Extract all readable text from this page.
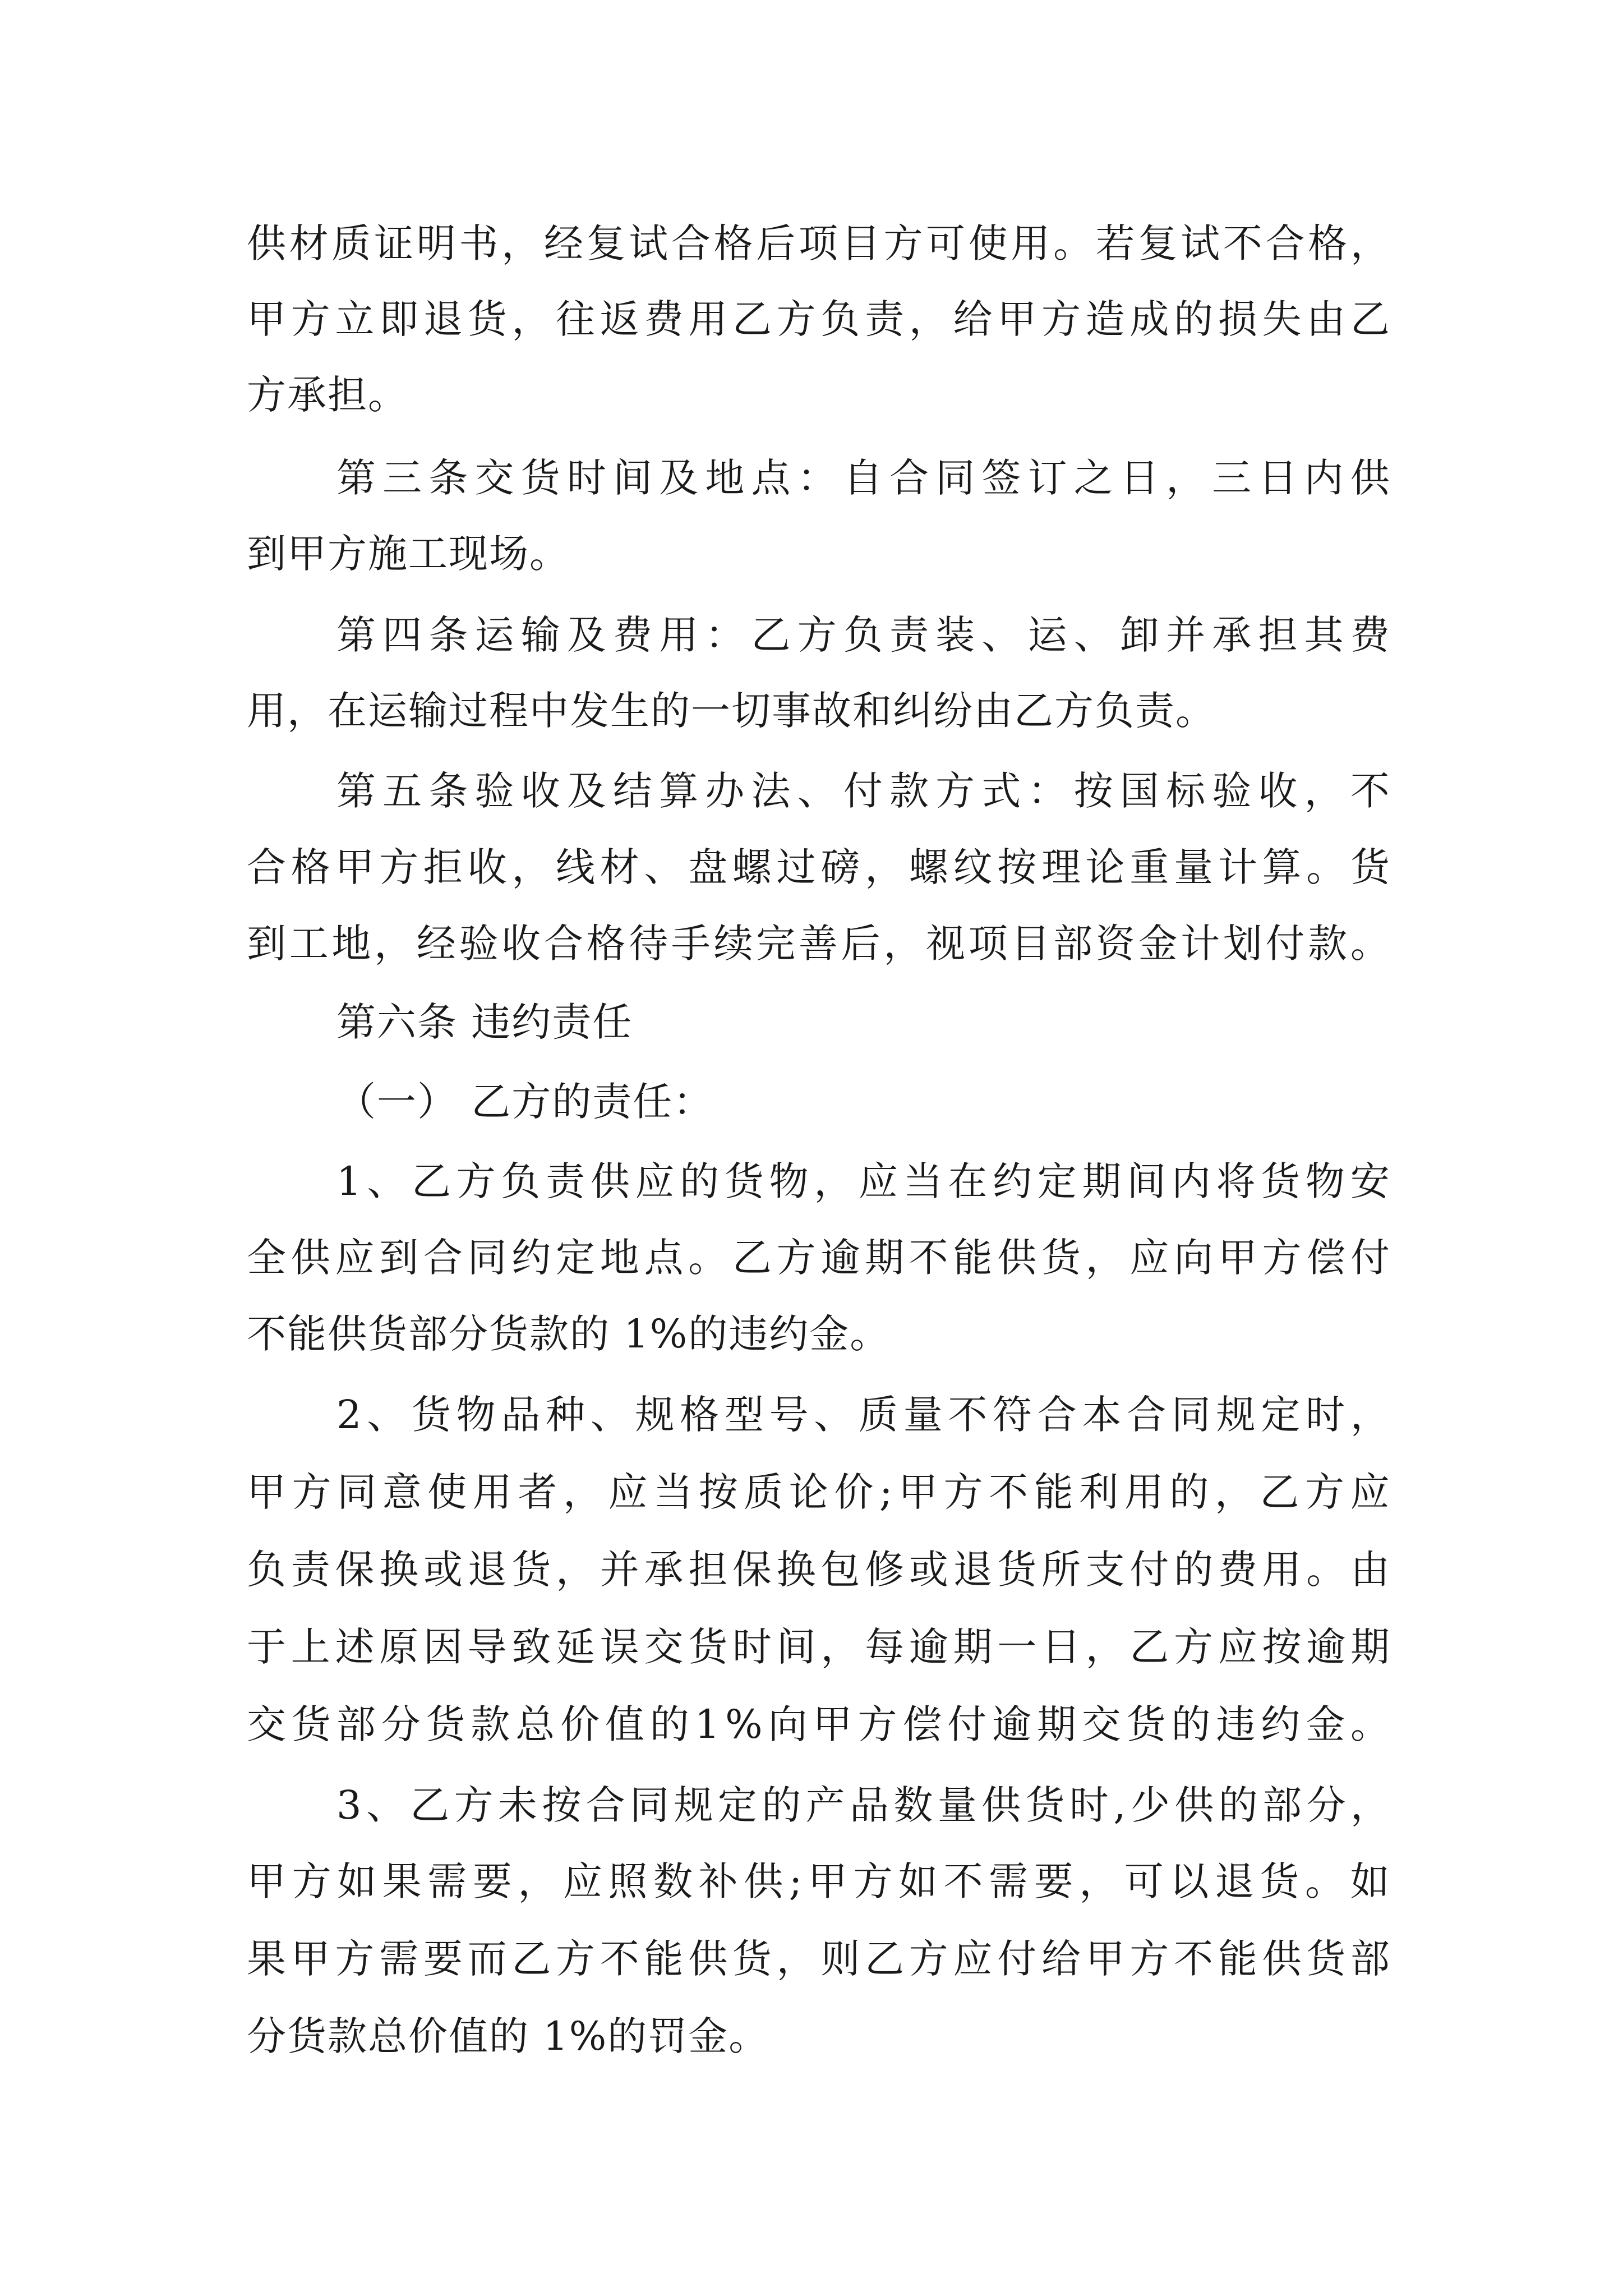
供 材 质 证 明 书 ， 经 复 试 合 格 后 项 目 方 可 使 用 。 若 复 试 不 合 格 ，
甲 方 立 即 退 货 ， 往 返 费 用 乙 方 负 责 ， 给 甲 方 造 成 的 损 失 由 乙
方承担。
第 三 条 交 货 时 间 及 地 点 ： 自 合 同 签 订 之 日 ， 三 日 内 供
到甲方施工现场。
第 四 条 运 输 及 费 用 ： 乙 方 负 责 装 、 运 、 卸 并 承 担 其 费
用，在运输过程中发生的一切事故和纠纷由乙方负责。
第 五 条 验 收 及 结 算 办 法 、 付 款 方 式 ： 按 国 标 验 收 ， 不
合 格 甲 方 拒 收 ， 线 材 、 盘 螺 过 磅 ， 螺 纹 按 理 论 重 量 计 算 。 货
到 工 地 ， 经 验 收 合 格 待 手 续 完 善 后 ， 视 项 目 部 资 金 计 划 付 款 。
第六条 违约责任
（一） 乙方的责任：
1 、 乙 方 负 责 供 应 的 货 物 ， 应 当 在 约 定 期 间 内 将 货 物 安
全 供 应 到 合 同 约 定 地 点 。 乙 方 逾 期 不 能 供 货 ， 应 向 甲 方 偿 付
不能供货部分货款的 1%的违约金。
2 、 货 物 品 种 、 规 格 型 号 、 质 量 不 符 合 本 合 同 规 定 时 ，
甲 方 同 意 使 用 者 ， 应 当 按 质 论 价 ; 甲 方 不 能 利 用 的 ， 乙 方 应
负 责 保 换 或 退 货 ， 并 承 担 保 换 包 修 或 退 货 所 支 付 的 费 用 。 由
于 上 述 原 因 导 致 延 误 交 货 时 间 ， 每 逾 期 一 日 ， 乙 方 应 按 逾 期
交 货 部 分 货 款 总 价 值 的 1 % 向 甲 方 偿 付 逾 期 交 货 的 违 约 金 。
3 、 乙 方 未 按 合 同 规 定 的 产 品 数 量 供 货 时 , 少 供 的 部 分 ，
甲 方 如 果 需 要 ， 应 照 数 补 供 ; 甲 方 如 不 需 要 ， 可 以 退 货 。 如
果 甲 方 需 要 而 乙 方 不 能 供 货 ， 则 乙 方 应 付 给 甲 方 不 能 供 货 部
分货款总价值的 1%的罚金。
